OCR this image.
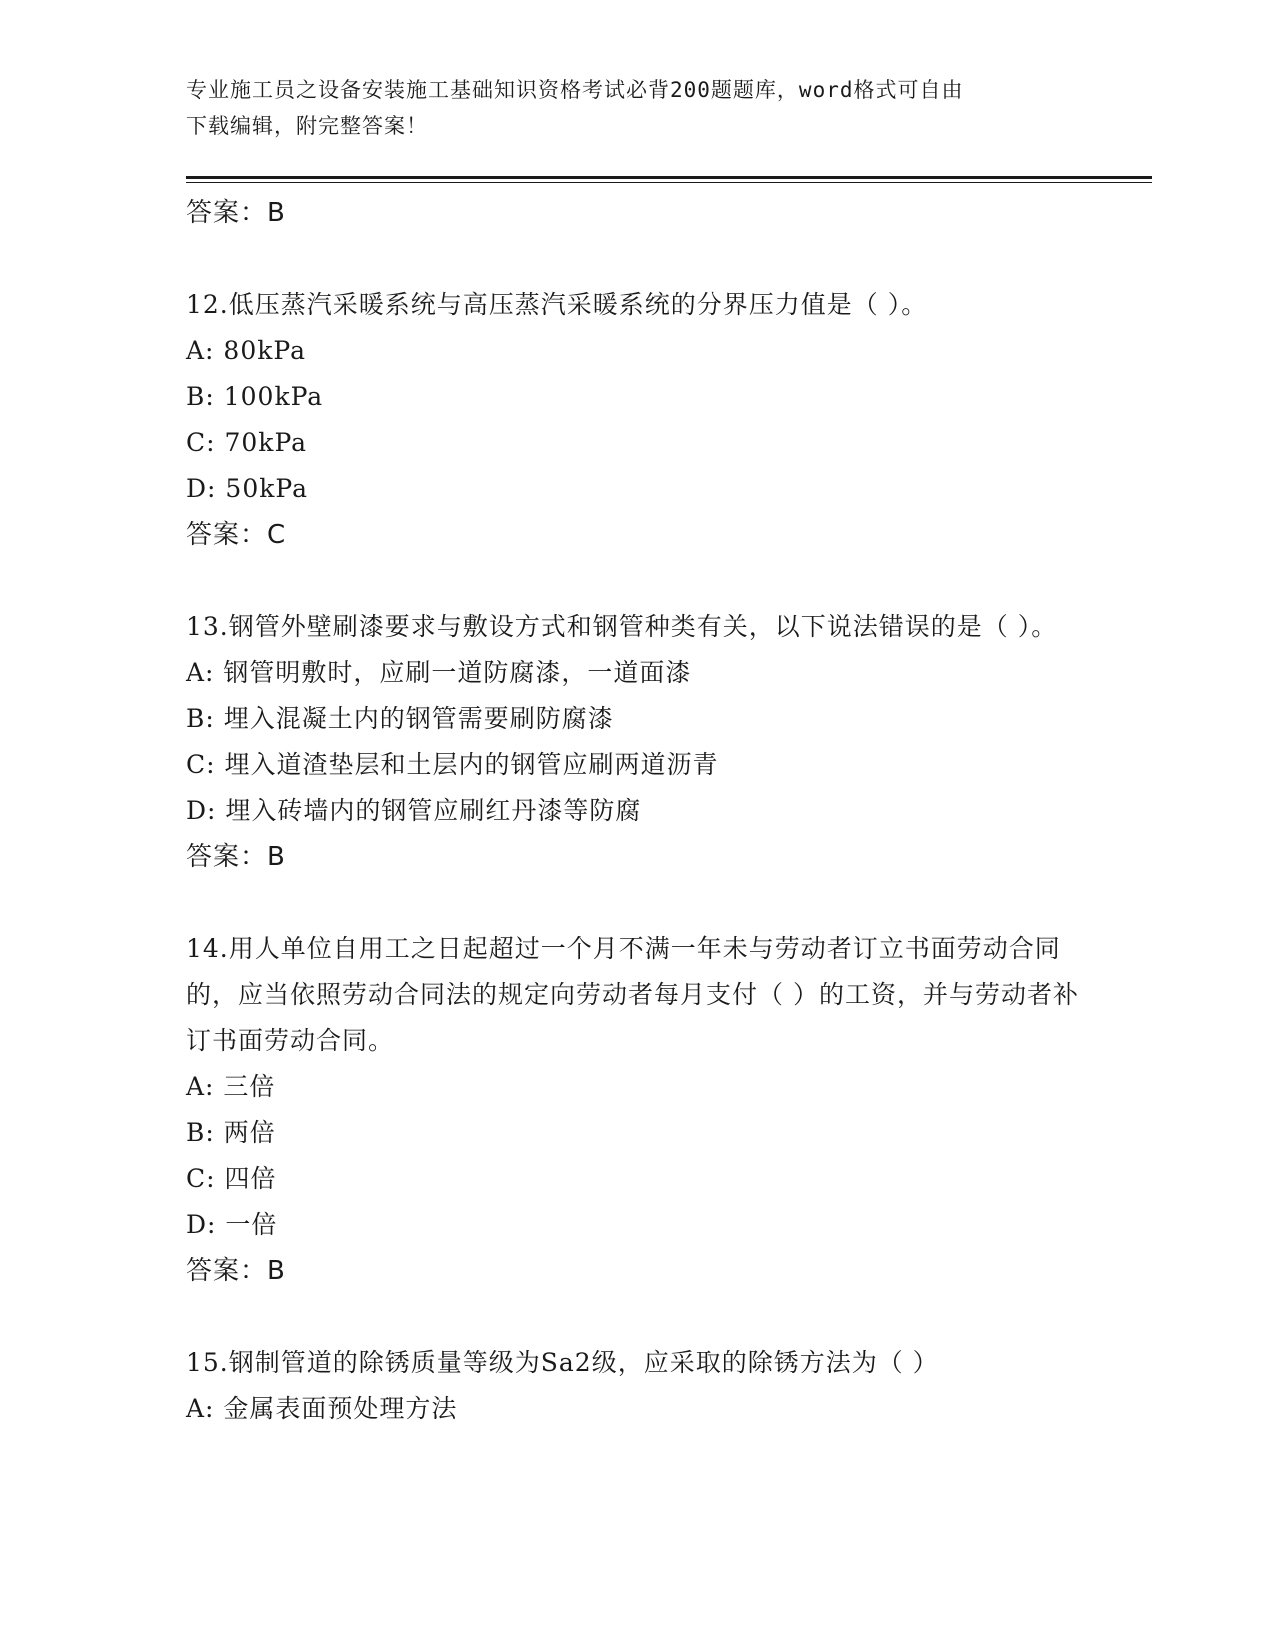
专业施工员之设备安装施工基础知识资格考试必背200题题库，word格式可自由
下载编辑，附完整答案！
答案：B

12.低压蒸汽采暖系统与高压蒸汽采暖系统的分界压力值是（ ）。

A: 80kPa
B: 100kPa
C: 70kPa
D: 50kPa
答案：C

13.钢管外壁刷漆要求与敷设方式和钢管种类有关，以下说法错误的是（ ）。

A: 钢管明敷时，应刷一道防腐漆，一道面漆
B: 埋入混凝土内的钢管需要刷防腐漆
C: 埋入道渣垫层和土层内的钢管应刷两道沥青
D: 埋入砖墙内的钢管应刷红丹漆等防腐
答案：B

14.用人单位自用工之日起超过一个月不满一年未与劳动者订立书面劳动合同的，应当依照劳动合同法的规定向劳动者每月支付（ ）的工资，并与劳动者补订书面劳动合同。

A: 三倍
B: 两倍
C: 四倍
D: 一倍
答案：B

15.钢制管道的除锈质量等级为Sa2级，应采取的除锈方法为（ ）

A: 金属表面预处理方法
